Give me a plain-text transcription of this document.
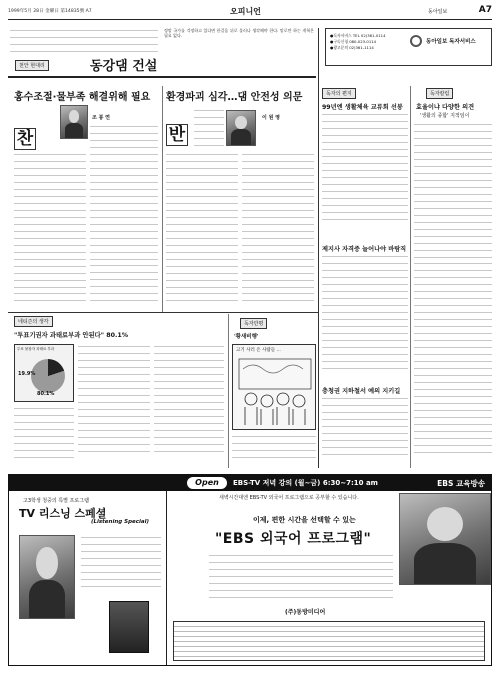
1999年5月 28日 金曜日 第14835號 A7	오피니언	동아일보	A7
정말 국가를 걱정하고 있다면 한걸음 뒤로 물러나 생각해야 한다. 말로만 하는 개혁은 필요 없다.
동아일보 독자서비스
●독자서비스 TEL 02)361-0114
●구독신청 080-023-0114
●광고문의 02)361-1114
천안 현대리	동강댐 건설
홍수조절·물부족 해결위해 필요 환경파괴 심각…댐 안전성 의문
찬
조 봉 연
반
이 원 영
독자의 편지	독자칼럼
99년엔 생활체육 교류회 선봉
제지사 자격증 늘어나야 바람직
충청권 지하철서 예의 지키길
효율이냐 다양한 의견
'생활의 종합' 지적임이
네티즌의 생각
"투표기권자 과태료부과 안된다" 80.1%
투표 불참자 과태료 부과
19.9%
80.1%
독자만평
'황새비행'
고기 사러 온 사람들 ...
Open	EBS-TV 저녁 강의 (월~금) 6:30~7:10 am	EBS 교육방송
새벽시간대엔 EBS-TV 외국어 프로그램으로 공부할 수 있습니다.
고3학생 청중의 특별 프로그램
TV 리스닝 스페셜
(Listening Special)	이제, 편한 시간을 선택할 수 있는
"EBS 외국어 프로그램"
(주)동방미디어
